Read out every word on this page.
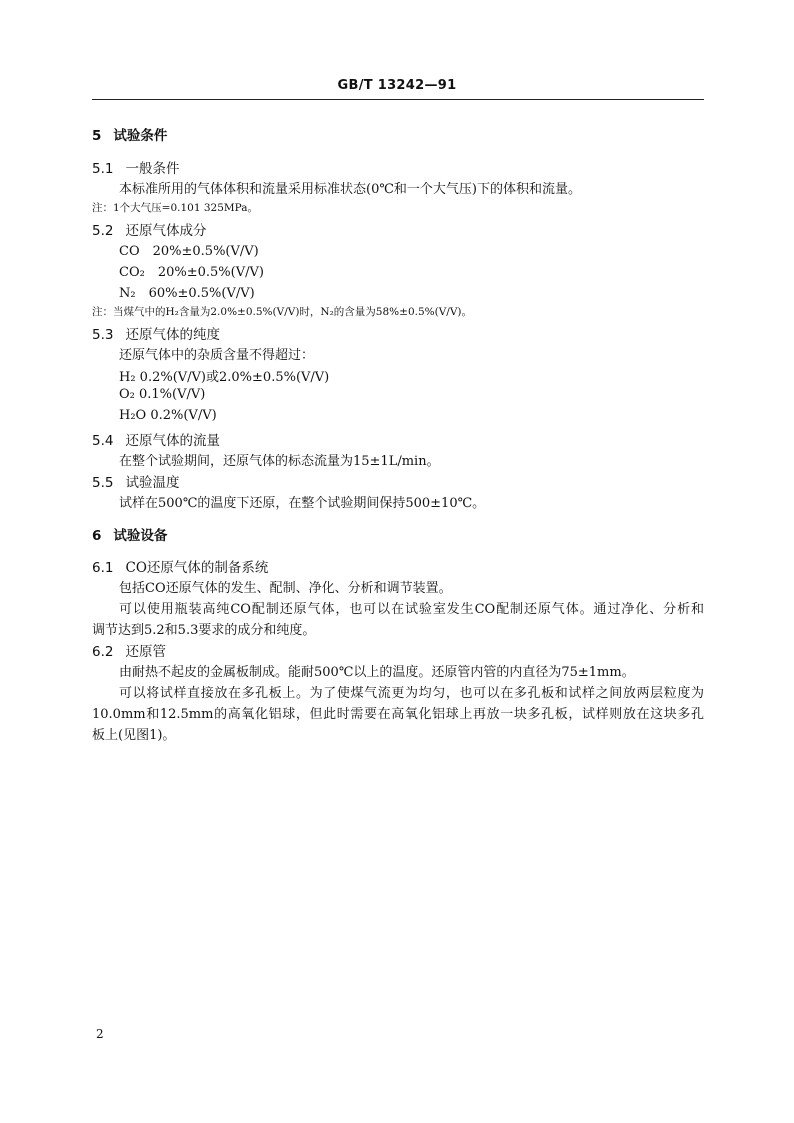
GB/T 13242—91
5 试验条件
5.1 一般条件
本标准所用的气体体积和流量采用标准状态(0℃和一个大气压)下的体积和流量。
注：1个大气压=0.101 325MPa。
5.2 还原气体成分
CO　20%±0.5%(V/V)
CO₂　20%±0.5%(V/V)
N₂　60%±0.5%(V/V)
注：当煤气中的H₂含量为2.0%±0.5%(V/V)时，N₂的含量为58%±0.5%(V/V)。
5.3 还原气体的纯度
还原气体中的杂质含量不得超过：
H₂ 0.2%(V/V)或2.0%±0.5%(V/V)
O₂ 0.1%(V/V)
H₂O 0.2%(V/V)
5.4 还原气体的流量
在整个试验期间，还原气体的标态流量为15±1L/min。
5.5 试验温度
试样在500℃的温度下还原，在整个试验期间保持500±10℃。
6 试验设备
6.1 CO还原气体的制备系统
包括CO还原气体的发生、配制、净化、分析和调节装置。
可以使用瓶装高纯CO配制还原气体，也可以在试验室发生CO配制还原气体。通过净化、分析和
调节达到5.2和5.3要求的成分和纯度。
6.2 还原管
由耐热不起皮的金属板制成。能耐500℃以上的温度。还原管内管的内直径为75±1mm。
可以将试样直接放在多孔板上。为了使煤气流更为均匀，也可以在多孔板和试样之间放两层粒度为
10.0mm和12.5mm的高氧化铝球，但此时需要在高氧化铝球上再放一块多孔板，试样则放在这块多孔
板上(见图1)。
2
